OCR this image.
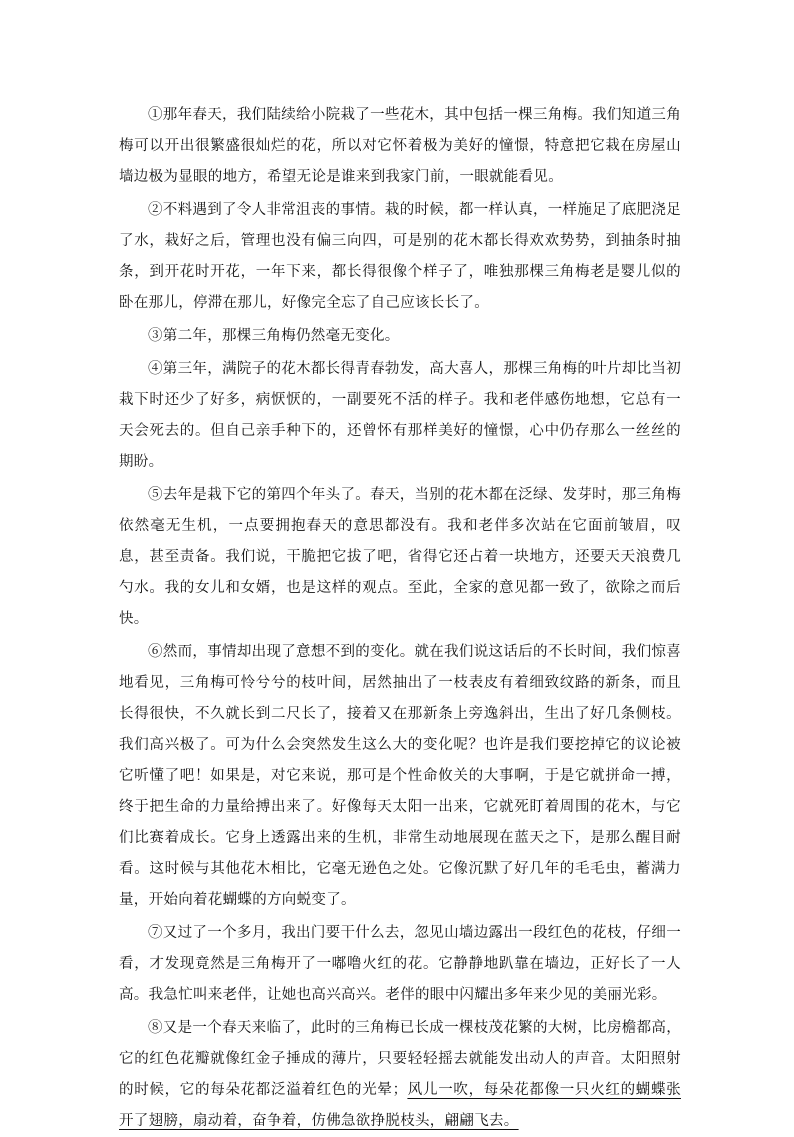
①那年春天，我们陆续给小院栽了一些花木，其中包括一棵三角梅。我们知道三角梅可以开出很繁盛很灿烂的花，所以对它怀着极为美好的憧憬，特意把它栽在房屋山墙边极为显眼的地方，希望无论是谁来到我家门前，一眼就能看见。

②不料遇到了令人非常沮丧的事情。栽的时候，都一样认真，一样施足了底肥浇足了水，栽好之后，管理也没有偏三向四，可是别的花木都长得欢欢势势，到抽条时抽条，到开花时开花，一年下来，都长得很像个样子了，唯独那棵三角梅老是婴儿似的卧在那儿，停滞在那儿，好像完全忘了自己应该长长了。

③第二年，那棵三角梅仍然毫无变化。

④第三年，满院子的花木都长得青春勃发，高大喜人，那棵三角梅的叶片却比当初栽下时还少了好多，病恹恹的，一副要死不活的样子。我和老伴感伤地想，它总有一天会死去的。但自己亲手种下的，还曾怀有那样美好的憧憬，心中仍存那么一丝丝的期盼。

⑤去年是栽下它的第四个年头了。春天，当别的花木都在泛绿、发芽时，那三角梅依然毫无生机，一点要拥抱春天的意思都没有。我和老伴多次站在它面前皱眉，叹息，甚至责备。我们说，干脆把它拔了吧，省得它还占着一块地方，还要天天浪费几勺水。我的女儿和女婿，也是这样的观点。至此，全家的意见都一致了，欲除之而后快。

⑥然而，事情却出现了意想不到的变化。就在我们说这话后的不长时间，我们惊喜地看见，三角梅可怜兮兮的枝叶间，居然抽出了一枝表皮有着细致纹路的新条，而且长得很快，不久就长到二尺长了，接着又在那新条上旁逸斜出，生出了好几条侧枝。我们高兴极了。可为什么会突然发生这么大的变化呢？也许是我们要挖掉它的议论被它听懂了吧！如果是，对它来说，那可是个性命攸关的大事啊，于是它就拼命一搏，终于把生命的力量给搏出来了。好像每天太阳一出来，它就死盯着周围的花木，与它们比赛着成长。它身上透露出来的生机，非常生动地展现在蓝天之下，是那么醒目耐看。这时候与其他花木相比，它毫无逊色之处。它像沉默了好几年的毛毛虫，蓄满力量，开始向着花蝴蝶的方向蜕变了。

⑦又过了一个多月，我出门要干什么去，忽见山墙边露出一段红色的花枝，仔细一看，才发现竟然是三角梅开了一嘟噜火红的花。它静静地趴靠在墙边，正好长了一人高。我急忙叫来老伴，让她也高兴高兴。老伴的眼中闪耀出多年来少见的美丽光彩。

⑧又是一个春天来临了，此时的三角梅已长成一棵枝茂花繁的大树，比房檐都高，它的红色花瓣就像红金子捶成的薄片，只要轻轻摇去就能发出动人的声音。太阳照射的时候，它的每朵花都泛溢着红色的光晕；风儿一吹，每朵花都像一只火红的蝴蝶张开了翅膀，扇动着，奋争着，仿佛急欲挣脱枝头，翩翩飞去。
